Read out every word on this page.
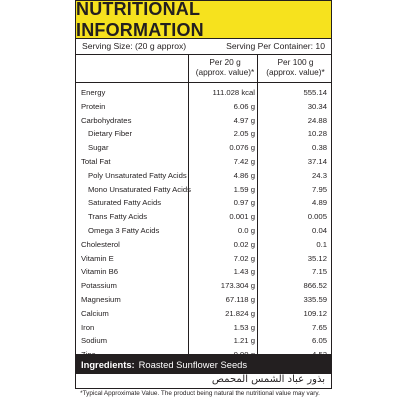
NUTRITIONAL INFORMATION
Serving Size: (20 g approx)	Serving Per Container: 10
Per 20 g
(approx. value)*
Per 100 g
(approx. value)*
Energy	111.028 kcal	555.14
Protein	6.06 g	30.34
Carbohydrates	4.97 g	24.88
Dietary Fiber	2.05 g	10.28
Sugar	0.076 g	0.38
Total Fat	7.42 g	37.14
Poly Unsaturated Fatty Acids	4.86 g	24.3
Mono Unsaturated Fatty Acids	1.59 g	7.95
Saturated Fatty Acids	0.97 g	4.89
Trans Fatty Acids	0.001 g	0.005
Omega 3 Fatty Acids	0.0 g	0.04
Cholesterol	0.02 g	0.1
Vitamin E	7.02 g	35.12
Vitamin B6	1.43 g	7.15
Potassium	173.304 g	866.52
Magnesium	67.118 g	335.59
Calcium	21.824 g	109.12
Iron	1.53 g	7.65
Sodium	1.21 g	6.05
Ingredients: Roasted Sunflower Seeds
بذور عباد الشمس المحمص
*Typical Approximate Value. The product being natural the nutritional value may vary.
